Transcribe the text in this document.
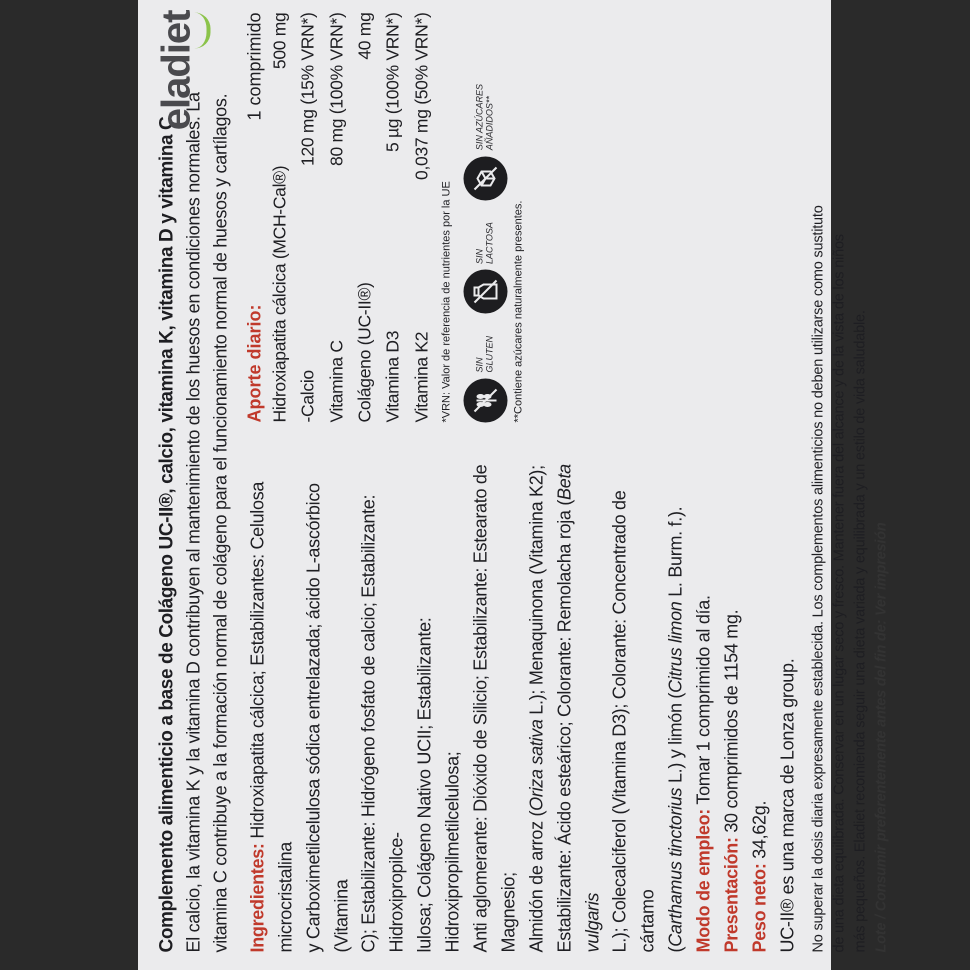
Complemento alimenticio a base de Colágeno UC-II®, calcio, vitamina K, vitamina D y vitamina C. El calcio, la vitamina K y la vitamina D contribuyen al mantenimiento de los huesos en condiciones normales. La vitamina C contribuye a la formación normal de colágeno para el funcionamiento normal de huesos y cartílagos. Ingredientes: Hidroxiapatita cálcica; Estabilizantes: Celulosa microcristalina y Carboximetilcelulosa sódica entrelazada; ácido L-ascórbico (Vitamina C); Estabilizante: Hidrógeno fosfato de calcio; Estabilizante: Hidroxipropilce- lulosa; Colágeno Nativo UCII; Estabilizante: Hidroxipropilmetilcelulosa; Anti aglomerante: Dióxido de Silicio; Estabilizante: Estearato de Magnesio; Almidón de arroz (Oriza sativa L.); Menaquinona (Vitamina K2); Estabilizante: Ácido esteárico; Colorante: Remolacha roja (Beta vulgaris L.); Colecalciferol (Vitamina D3); Colorante: Concentrado de cártamo (Carthamus tinctorius L.) y limón (Citrus limon L. Burm. f.).

Modo de empleo: Tomar 1 comprimido al día.

Presentación: 30 comprimidos de 1154 mg.

Peso neto: 34,62g. UC-II® es una marca de Lonza group.

Aporte diario:
1 comprimido
Hidroxiapatita cálcica (MCH-Cal®)
500 mg
-Calcio
120 mg (15% VRN*)
Vitamina C
80 mg (100% VRN*)
Colágeno (UC-II®)
40 mg
Vitamina D3
5 µg (100% VRN*)
Vitamina K2
0,037 mg (50% VRN*)
*VRN: Valor de referencia de nutrientes por la UE SIN GLUTEN
SIN LACTOSA
SIN AZÚCARES AÑADIDOS**
**Contiene azúcares naturalmente presentes.	No superar la dosis diaria expresamente establecida. Los complementos alimenticios no deben utilizarse como sustituto de una dieta equilibrada. Conservar en un lugar seco y fresco. Mantener fuera del alcance y de la vista de los niños más pequeños. Eladiet recomienda seguir una dieta variada y equilibrada y un estilo de vida saludable. Lote / Consumir preferentemente antes del fin de: Ver impresión
eladiet
